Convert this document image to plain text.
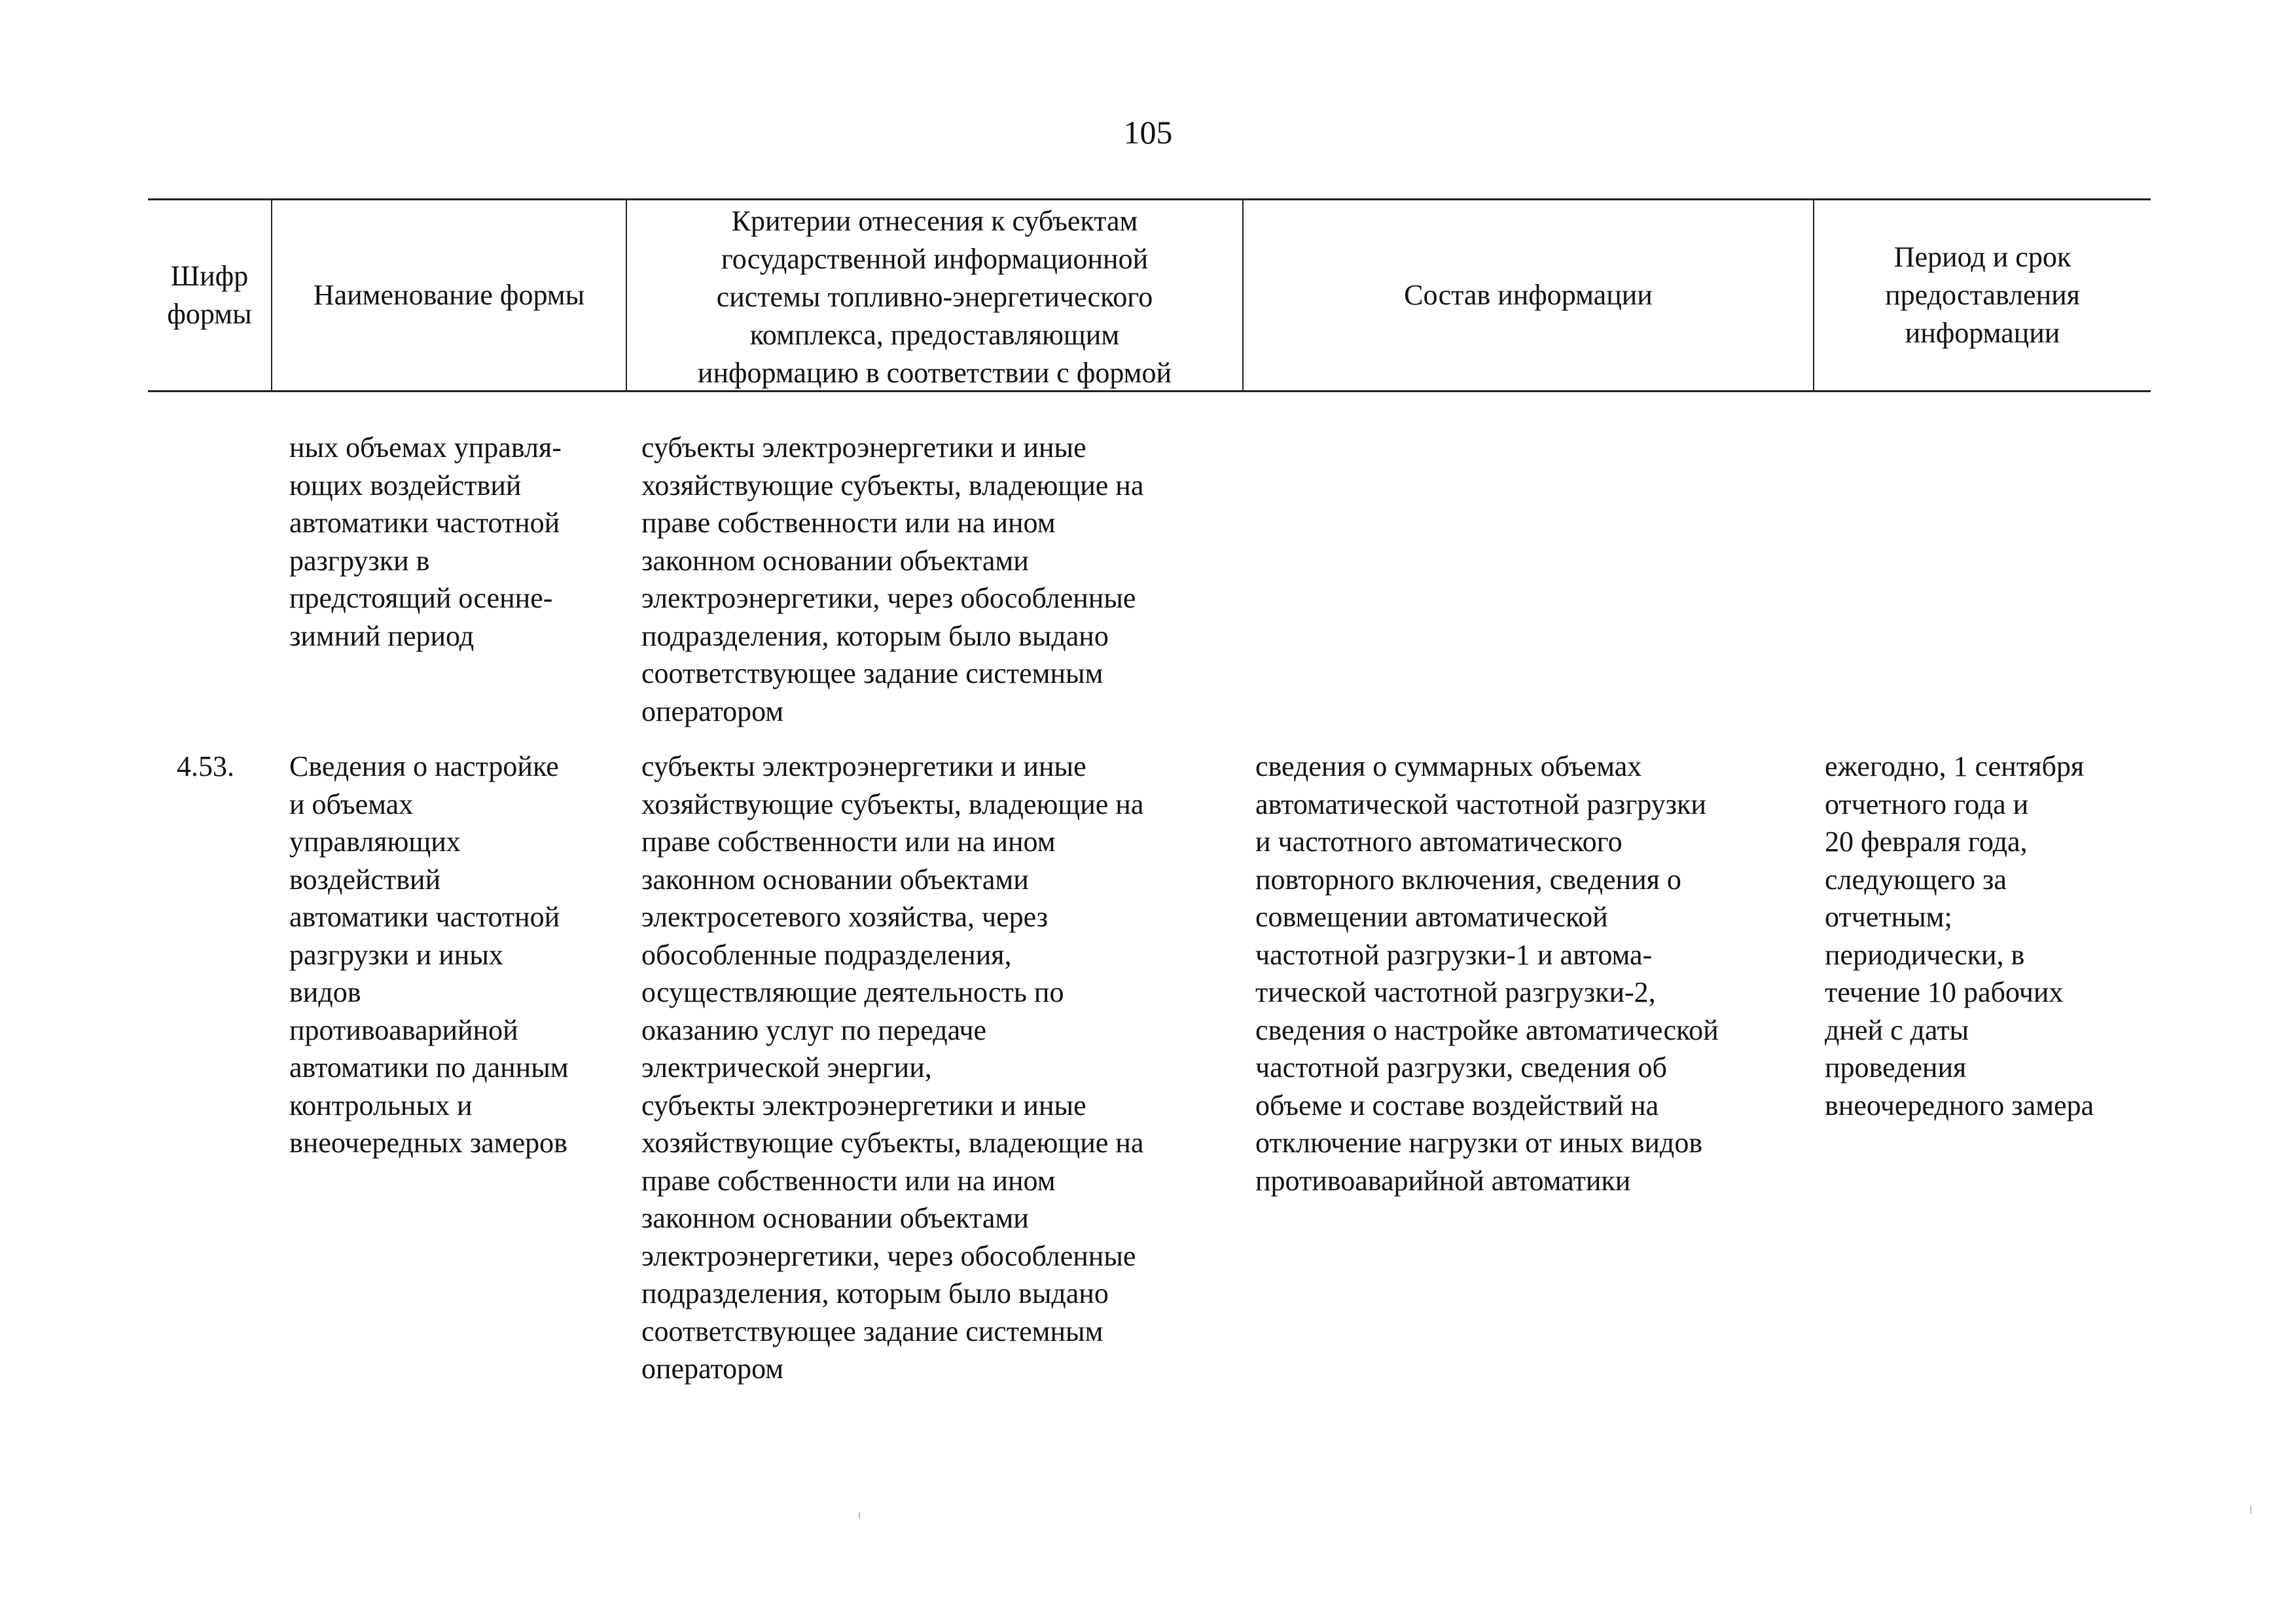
105
Шифр
формы
Наименование формы
Критерии отнесения к субъектам
государственной информационной
системы топливно-энергетического
комплекса, предоставляющим
информацию в соответствии с формой
Состав информации
Период и срок
предоставления
информации
ных объемах управля-
ющих воздействий
автоматики частотной
разгрузки в
предстоящий осенне-
зимний период
субъекты электроэнергетики и иные
хозяйствующие субъекты, владеющие на
праве собственности или на ином
законном основании объектами
электроэнергетики, через обособленные
подразделения, которым было выдано
соответствующее задание системным
оператором
4.53. Сведения о настройке
и объемах
управляющих
воздействий
автоматики частотной
разгрузки и иных
видов
противоаварийной
автоматики по данным
контрольных и
внеочередных замеров
субъекты электроэнергетики и иные
хозяйствующие субъекты, владеющие на
праве собственности или на ином
законном основании объектами
электросетевого хозяйства, через
обособленные подразделения,
осуществляющие деятельность по
оказанию услуг по передаче
электрической энергии,
субъекты электроэнергетики и иные
хозяйствующие субъекты, владеющие на
праве собственности или на ином
законном основании объектами
электроэнергетики, через обособленные
подразделения, которым было выдано
соответствующее задание системным
оператором
сведения о суммарных объемах
автоматической частотной разгрузки
и частотного автоматического
повторного включения, сведения о
совмещении автоматической
частотной разгрузки-1 и автома-
тической частотной разгрузки-2,
сведения о настройке автоматической
частотной разгрузки, сведения об
объеме и составе воздействий на
отключение нагрузки от иных видов
противоаварийной автоматики
ежегодно, 1 сентября
отчетного года и
20 февраля года,
следующего за
отчетным;
периодически, в
течение 10 рабочих
дней с даты
проведения
внеочередного замера
